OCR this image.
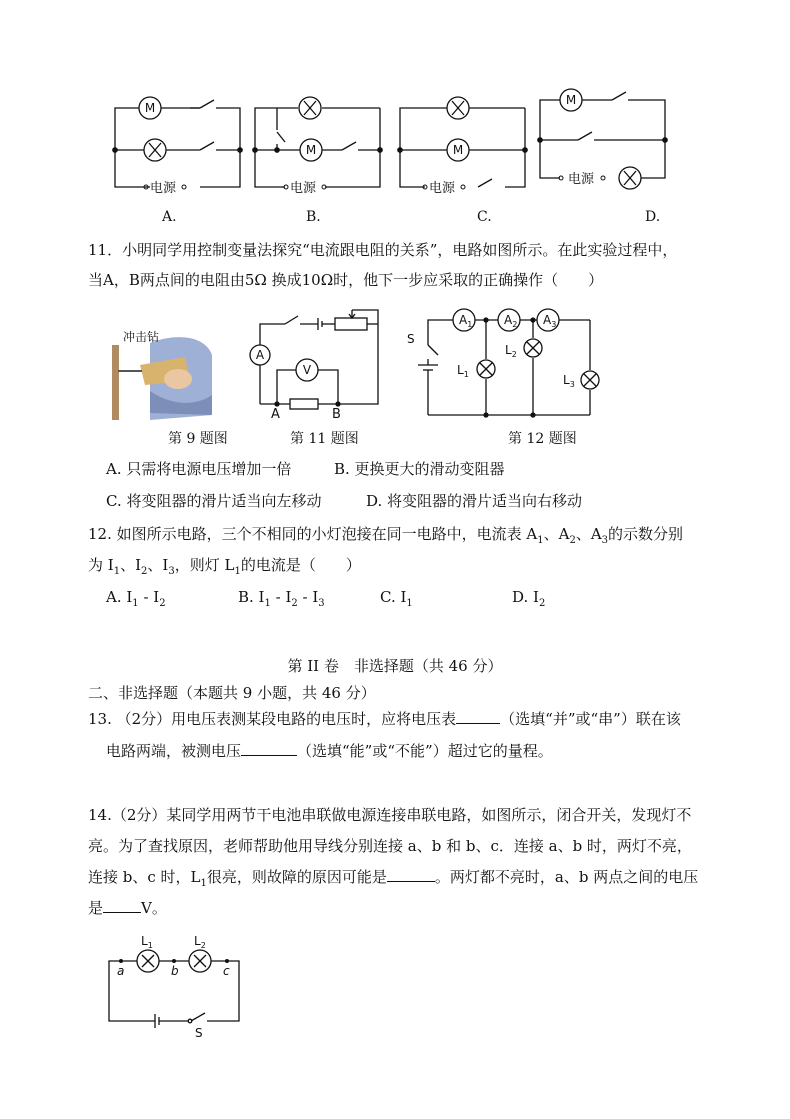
M
M	M
M
电源	电源	电源
电源
A.	B.	C.	D.
11．小明同学用控制变量法探究“电流跟电阻的关系”，电路如图所示。在此实验过程中，
当A，B两点间的电阻由5Ω 换成10Ω时，他下一步应采取的正确操作（　　）
冲击钻
A
V
A	B
S
$A_1$	$A_2$ $A_3$
$L_1$
$L_2$
$L_3$
第 9 题图	第 11 题图	第 12 题图
A. 只需将电源电压增加一倍	B. 更换更大的滑动变阻器
C. 将变阻器的滑片适当向左移动	D. 将变阻器的滑片适当向右移动
12. 如图所示电路，三个不相同的小灯泡接在同一电路中，电流表 $A_1$、$A_2$、$A_3$的示数分别
为 $I_1$、$I_2$、$I_3$，则灯 $L_1$的电流是（　　）
A. $I_1 - I_2$	B. $I_1 - I_2 - I_3$	C. $I_1$	D. $I_2$
第 II 卷　非选择题（共 46 分）
二、非选择题（本题共 9 小题，共 46 分）
13. （2分）用电压表测某段电路的电压时，应将电压表	（选填“并”或“串”）联在该
电路两端，被测电压	（选填“能”或“不能”）超过它的量程。
14.（2分）某同学用两节干电池串联做电源连接串联电路，如图所示，闭合开关，发现灯不
亮。为了查找原因，老师帮助他用导线分别连接 a、b 和 b、c．连接 a、b 时，两灯不亮，
连接 b、c 时，$L_1$很亮，则故障的原因可能是	。两灯都不亮时，a、b 两点之间的电压
是	V。
$L_1$	$L_2$
a	b	c
S
